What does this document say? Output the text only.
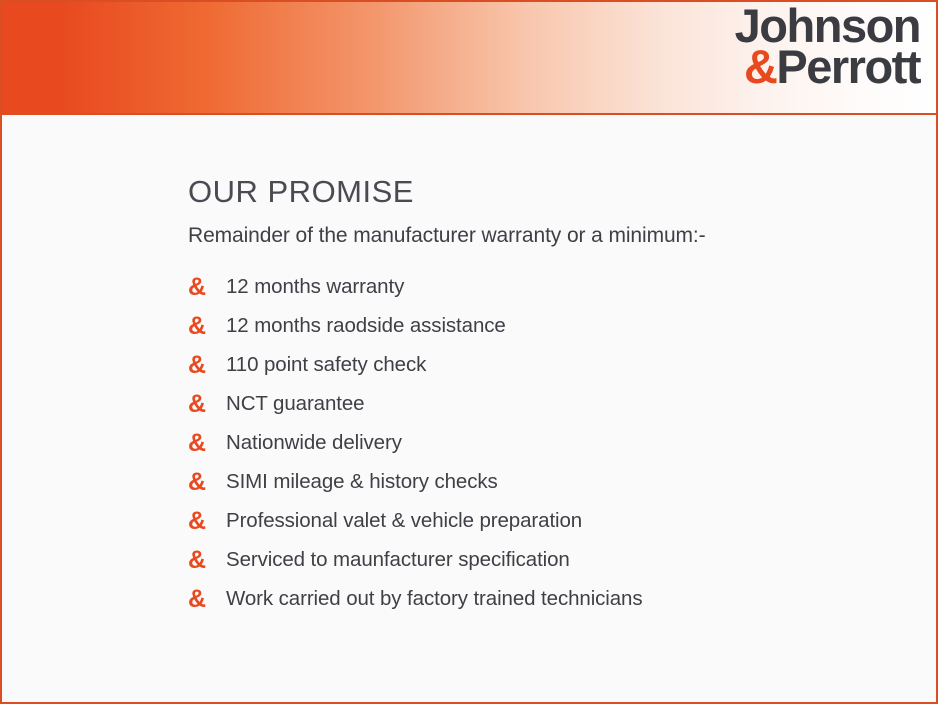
Johnson
&Perrott
OUR PROMISE

Remainder of the manufacturer warranty or a minimum:-

& 12 months warranty
& 12 months raodside assistance
& 110 point safety check
& NCT guarantee
& Nationwide delivery
& SIMI mileage & history checks
& Professional valet & vehicle preparation
& Serviced to maunfacturer specification
& Work carried out by factory trained technicians
